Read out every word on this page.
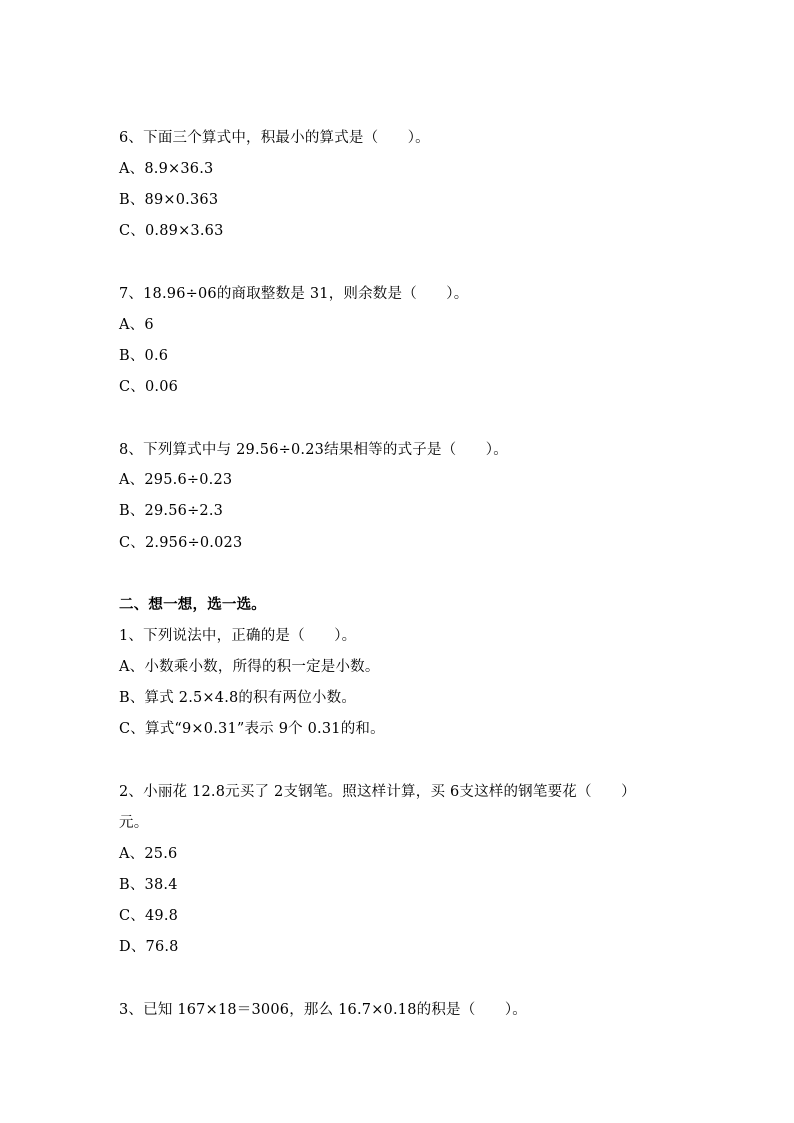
6、下面三个算式中，积最小的算式是（　　）。
A、8.9×36.3
B、89×0.363
C、0.89×3.63
7、18.96÷06的商取整数是 31，则余数是（　　）。
A、6
B、0.6
C、0.06
8、下列算式中与 29.56÷0.23结果相等的式子是（　　）。
A、295.6÷0.23
B、29.56÷2.3
C、2.956÷0.023
二、想一想，选一选。
1、下列说法中，正确的是（　　）。
A、小数乘小数，所得的积一定是小数。
B、算式 2.5×4.8的积有两位小数。
C、算式“9×0.31”表示 9个 0.31的和。
2、小丽花 12.8元买了 2支钢笔。照这样计算，买 6支这样的钢笔要花（　　）
元。
A、25.6
B、38.4
C、49.8
D、76.8
3、已知 167×18＝3006，那么 16.7×0.18的积是（　　）。
